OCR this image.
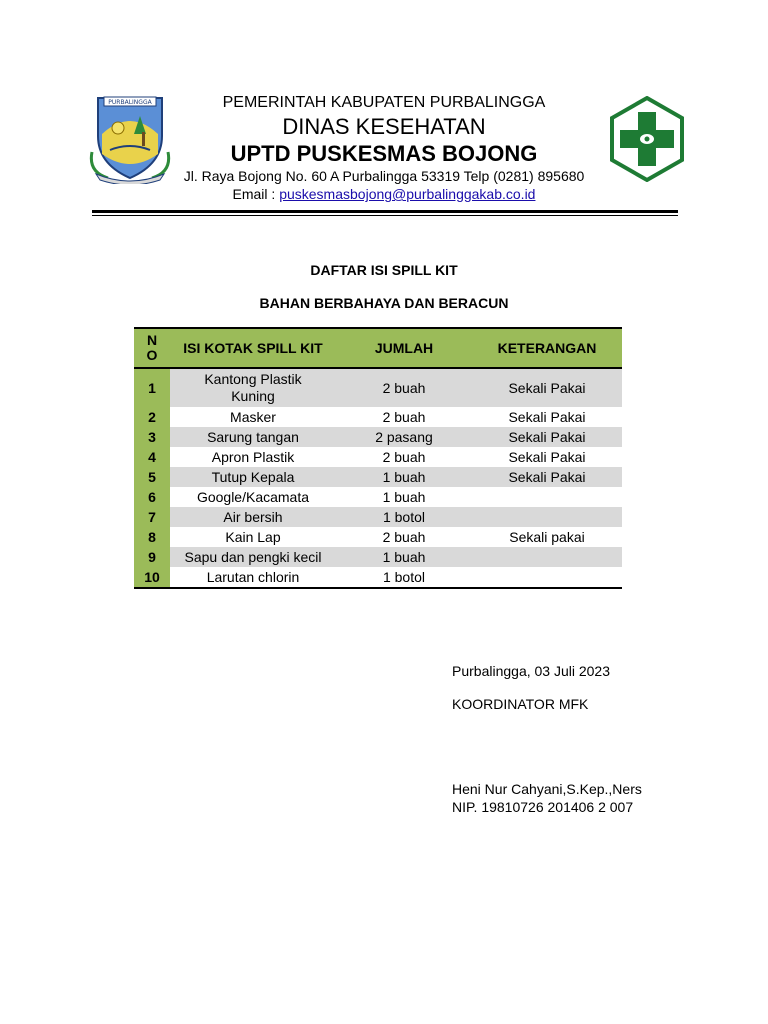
PURBALINGGA	PEMERINTAH KABUPATEN PURBALINGGA
DINAS KESEHATAN
UPTD PUSKESMAS BOJONG
Jl. Raya Bojong No. 60 A Purbalingga 53319 Telp (0281) 895680
Email : puskesmasbojong@purbalinggakab.co.id
DAFTAR ISI SPILL KIT
BAHAN BERBAHAYA DAN BERACUN
N
O	ISI KOTAK SPILL KIT	JUMLAH	KETERANGAN
1	Kantong Plastik Kuning	2 buah	Sekali Pakai
2	Masker	2 buah	Sekali Pakai
3	Sarung tangan	2 pasang	Sekali Pakai
4	Apron Plastik	2 buah	Sekali Pakai
5	Tutup Kepala	1 buah	Sekali Pakai
6	Google/Kacamata	1 buah	
7	Air bersih	1 botol	
8	Kain Lap	2 buah	Sekali pakai
9	Sapu dan pengki kecil	1 buah	
10	Larutan chlorin	1 botol	
Purbalingga, 03 Juli 2023
KOORDINATOR MFK
Heni Nur Cahyani,S.Kep.,Ners
NIP. 19810726 201406 2 007
